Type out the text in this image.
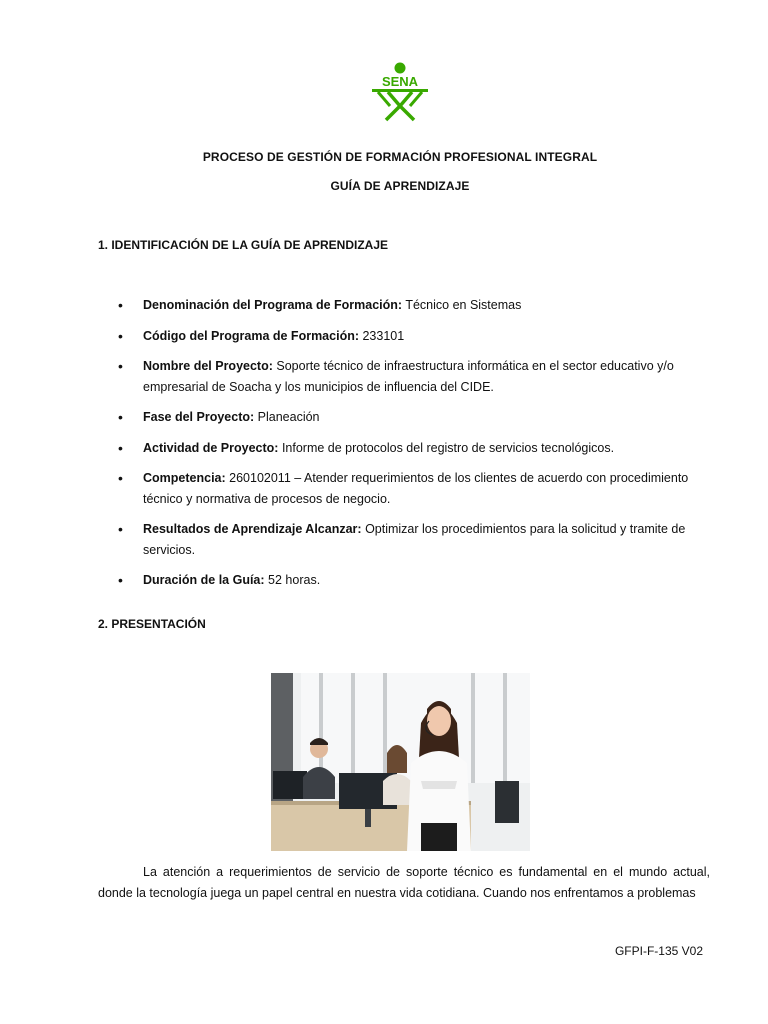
SENA
PROCESO DE GESTIÓN DE FORMACIÓN PROFESIONAL INTEGRAL
GUÍA DE APRENDIZAJE
1. IDENTIFICACIÓN DE LA GUÍA DE APRENDIZAJE
• Denominación del Programa de Formación: Técnico en Sistemas
• Código del Programa de Formación: 233101
• Nombre del Proyecto: Soporte técnico de infraestructura informática en el sector educativo y/o empresarial de Soacha y los municipios de influencia del CIDE.
• Fase del Proyecto: Planeación
• Actividad de Proyecto: Informe de protocolos del registro de servicios tecnológicos.
• Competencia: 260102011 – Atender requerimientos de los clientes de acuerdo con procedimiento técnico y normativa de procesos de negocio.
• Resultados de Aprendizaje Alcanzar: Optimizar los procedimientos para la solicitud y tramite de servicios.
• Duración de la Guía: 52 horas.
2. PRESENTACIÓN
La atención a requerimientos de servicio de soporte técnico es fundamental en el mundo actual,
donde la tecnología juega un papel central en nuestra vida cotidiana. Cuando nos enfrentamos a problemas
GFPI-F-135 V02
